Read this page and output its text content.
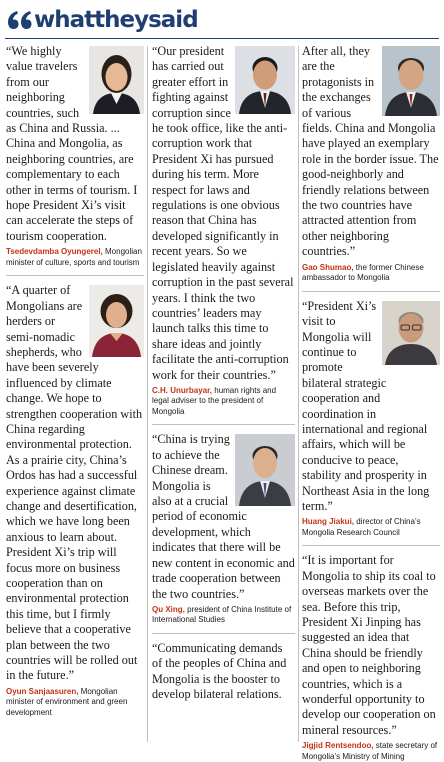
whattheysaid

“We highly value travelers from our neighboring countries, such as China and Russia. ... China and Mongolia, as neighboring countries, are complementary to each other in terms of tourism. I hope President Xi’s visit can accelerate the steps of tourism cooperation.

Tsedevdamba Oyungerel, Mongolian minister of culture, sports and tourism

“A quarter of Mongolians are herders or semi-nomadic shepherds, who have been severely influenced by climate change. We hope to strengthen cooperation with China regarding environmental protection. As a prairie city, China’s Ordos has had a successful experience against climate change and desertification, which we have long been anxious to learn about. President Xi’s trip will focus more on business cooperation than on environmental protection this time, but I firmly believe that a cooperative plan between the two countries will be rolled out in the future.”

Oyun Sanjaasuren, Mongolian minister of environment and green development

“Our president has carried out greater effort in fighting against corruption since he took office, like the anti-corruption work that President Xi has pursued during his term. More respect for laws and regulations is one obvious reason that China has developed significantly in recent years. So we legislated heavily against corruption in the past several years. I think the two countries’ leaders may launch talks this time to share ideas and jointly facilitate the anti-corruption work for their countries.”

C.H. Unurbayar, human rights and legal adviser to the president of Mongolia

“China is trying to achieve the Chinese dream. Mongolia is also at a crucial period of economic development, which indicates that there will be new content in economic and trade cooperation between the two countries.”

Qu Xing, president of China Institute of International Studies

“Communicating demands of the peoples of China and Mongolia is the booster to develop bilateral relations.

After all, they are the protagonists in the exchanges of various fields. China and Mongolia have played an exemplary role in the border issue. The good-neighborly and friendly relations between the two countries have attracted attention from other neighboring countries.”

Gao Shumao, the former Chinese ambassador to Mongolia

“President Xi’s visit to Mongolia will continue to promote bilateral strategic cooperation and coordination in international and regional affairs, which will be conducive to peace, stability and prosperity in Northeast Asia in the long term.”

Huang Jiakui, director of China’s Mongolia Research Council

“It is important for Mongolia to ship its coal to overseas markets over the sea. Before this trip, President Xi Jinping has suggested an idea that China should be friendly and open to neighboring countries, which is a wonderful opportunity to develop our cooperation on mineral resources.”

Jigjid Rentsendoo, state secretary of Mongolia’s Ministry of Mining
